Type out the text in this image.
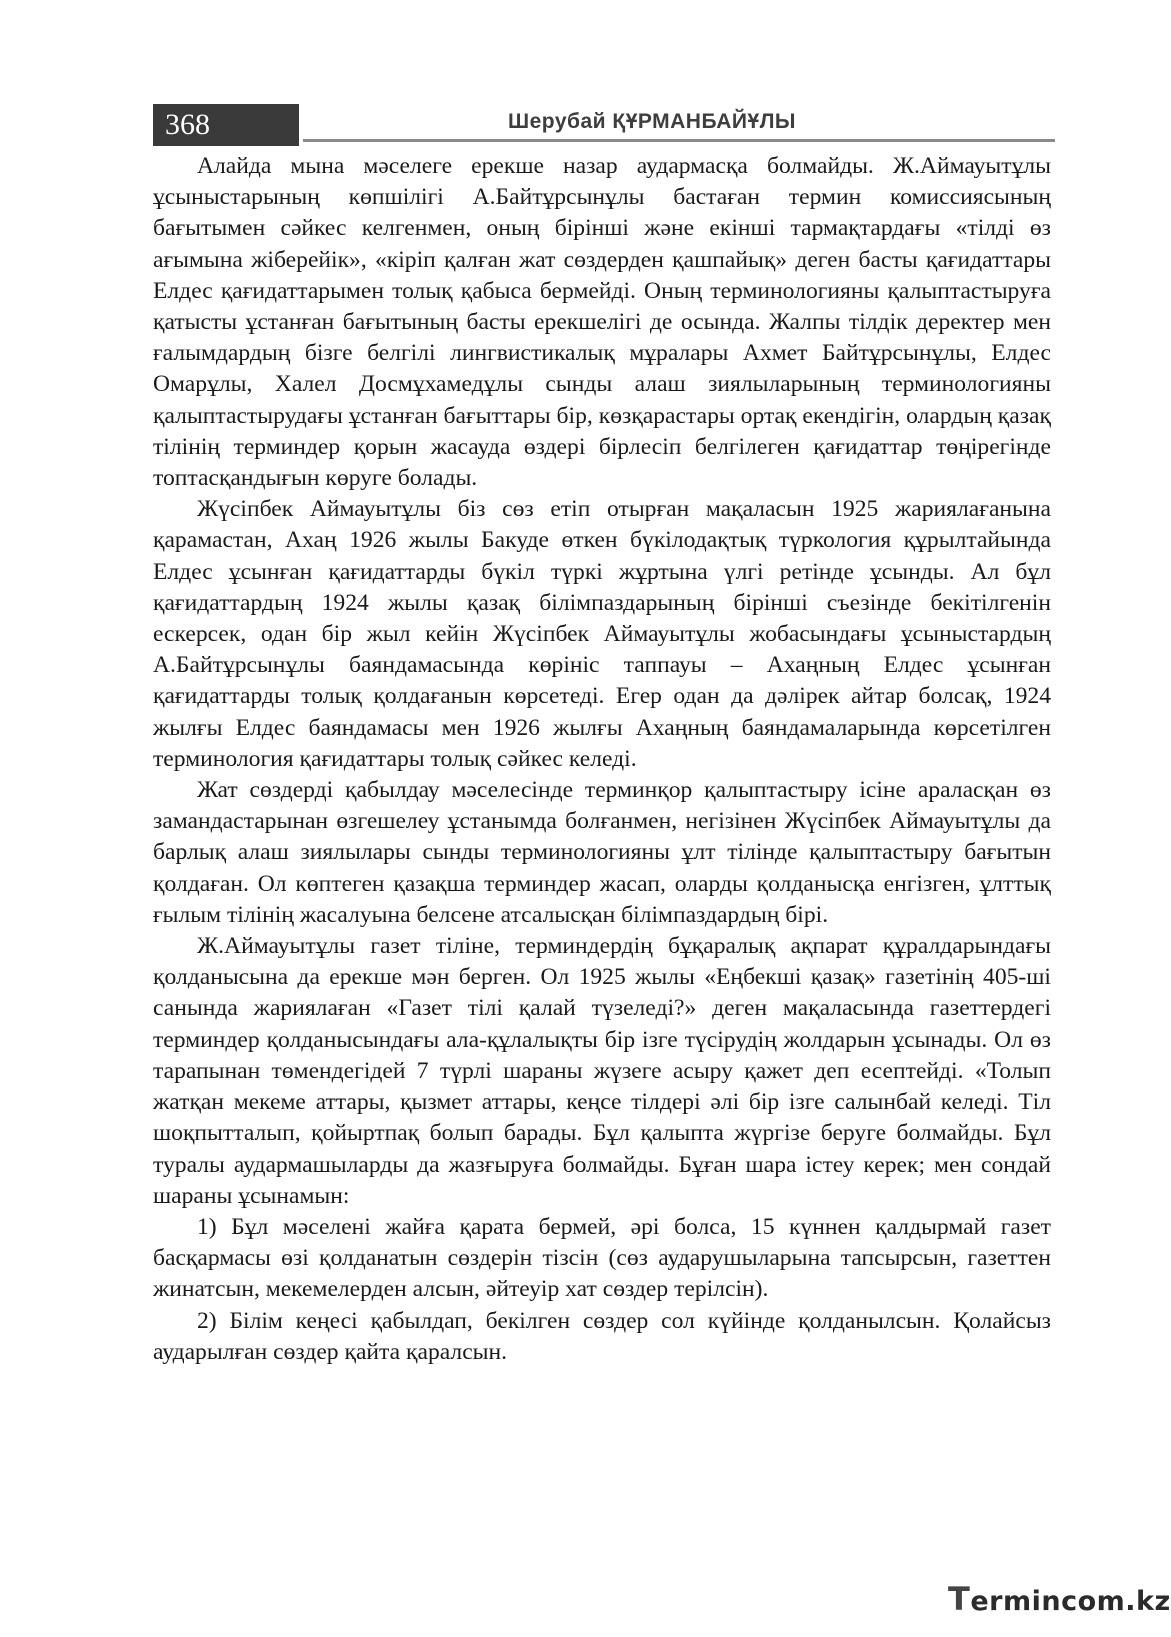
368	Шерубай ҚҰРМАНБАЙҰЛЫ

Алайда мына мәселеге ерекше назар аудармасқа болмайды. Ж.Аймауытұлы ұсыныстарының көпшілігі А.Байтұрсынұлы бастаған термин комиссиясының бағытымен сәйкес келгенмен, оның бірінші және екінші тармақтардағы «тілді өз ағымына жіберейік», «кіріп қалған жат сөздерден қашпайық» деген басты қағидаттары Елдес қағидаттарымен толық қабыса бермейді. Оның терминологияны қалыптастыруға қатысты ұстанған бағытының басты ерекшелігі де осында. Жалпы тілдік деректер мен ғалымдардың бізге белгілі лингвистикалық мұралары Ахмет Байтұрсынұлы, Елдес Омарұлы, Халел Досмұхамедұлы сынды алаш зиялыларының терминологияны қалыптастырудағы ұстанған бағыттары бір, көзқарастары ортақ екендігін, олардың қазақ тілінің терминдер қорын жасауда өздері бірлесіп белгілеген қағидаттар төңірегінде топтасқандығын көруге болады.

Жүсіпбек Аймауытұлы біз сөз етіп отырған мақаласын 1925 жариялағанына қарамастан, Ахаң 1926 жылы Бакуде өткен бүкілодақтық түркология құрылтайында Елдес ұсынған қағидаттарды бүкіл түркі жұртына үлгі ретінде ұсынды. Ал бұл қағидаттардың 1924 жылы қазақ білімпаздарының бірінші съезінде бекітілгенін ескерсек, одан бір жыл кейін Жүсіпбек Аймауытұлы жобасындағы ұсыныстардың А.Байтұрсынұлы баяндамасында көрініс таппауы – Ахаңның Елдес ұсынған қағидаттарды толық қолдағанын көрсетеді. Егер одан да дәлірек айтар болсақ, 1924 жылғы Елдес баяндамасы мен 1926 жылғы Ахаңның баяндамаларында көрсетілген терминология қағидаттары толық сәйкес келеді.

Жат сөздерді қабылдау мәселесінде терминқор қалыптастыру ісіне араласқан өз замандастарынан өзгешелеу ұстанымда болғанмен, негізінен Жүсіпбек Аймауытұлы да барлық алаш зиялылары сынды терминологияны ұлт тілінде қалыптастыру бағытын қолдаған. Ол көптеген қазақша терминдер жасап, оларды қолданысқа енгізген, ұлттық ғылым тілінің жасалуына белсене атсалысқан білімпаздардың бірі.

Ж.Аймауытұлы газет тіліне, терминдердің бұқаралық ақпарат құралдарындағы қолданысына да ерекше мән берген. Ол 1925 жылы «Еңбекші қазақ» газетінің 405-ші санында жариялаған «Газет тілі қалай түзеледі?» деген мақаласында газеттердегі терминдер қолданысындағы ала-құлалықты бір ізге түсірудің жолдарын ұсынады. Ол өз тарапынан төмендегідей 7 түрлі шараны жүзеге асыру қажет деп есептейді. «Толып жатқан мекеме аттары, қызмет аттары, кеңсе тілдері әлі бір ізге салынбай келеді. Тіл шоқпытталып, қойыртпақ болып барады. Бұл қалыпта жүргізе беруге болмайды. Бұл туралы аудармашыларды да жазғыруға болмайды. Бұған шара істеу керек; мен сондай шараны ұсынамын:

1) Бұл мәселені жайға қарата бермей, әрі болса, 15 күннен қалдырмай газет басқармасы өзі қолданатын сөздерін тізсін (сөз аударушыларына тапсырсын, газеттен жинатсын, мекемелерден алсын, әйтеуір хат сөздер терілсін).

2) Білім кеңесі қабылдап, бекілген сөздер сол күйінде қолданылсын. Қолайсыз аударылған сөздер қайта қаралсын.

Termincom.kz
